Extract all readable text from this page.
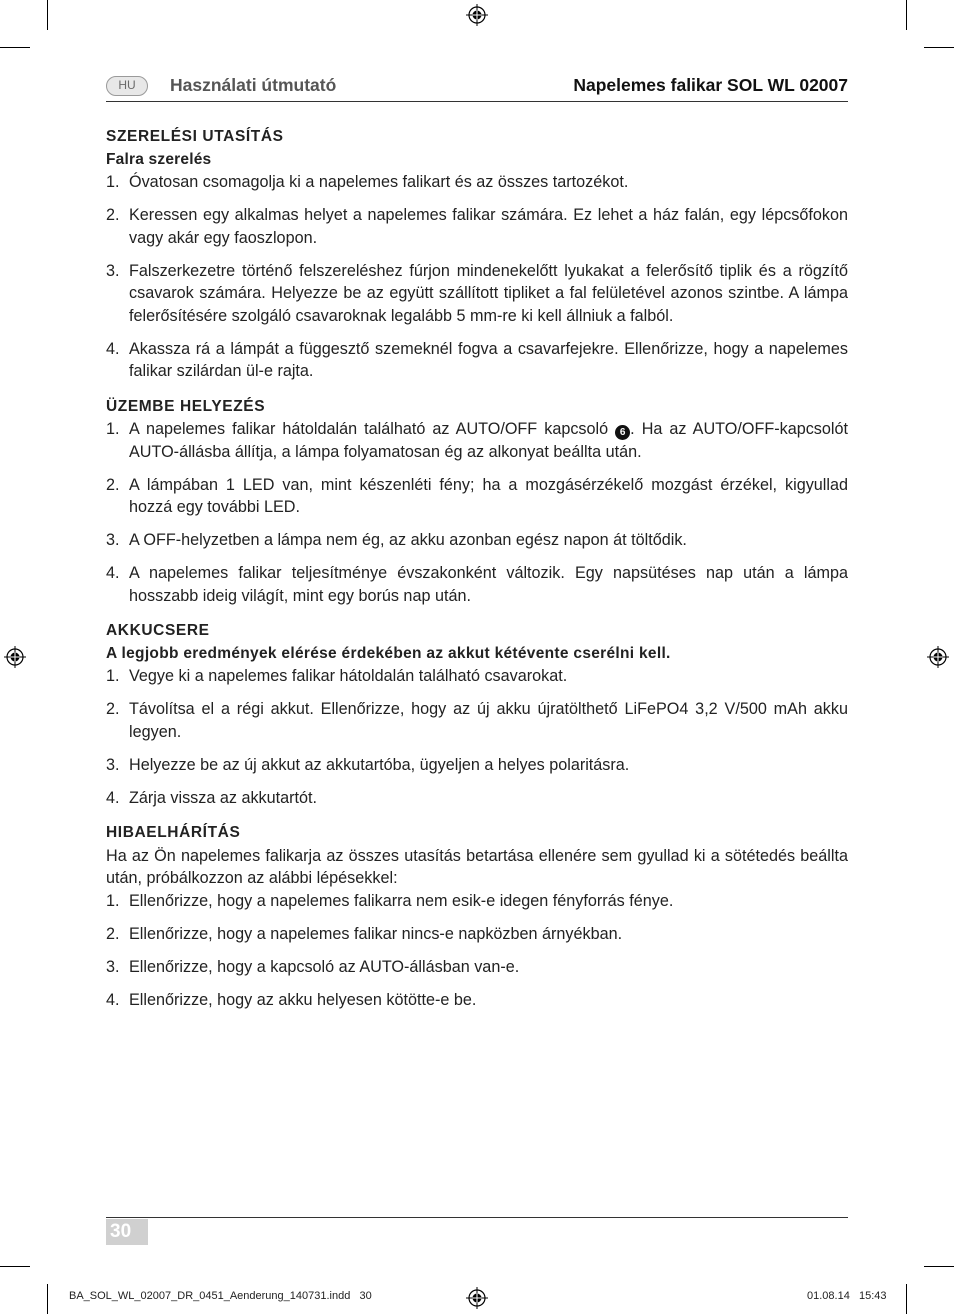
HU	Használati útmutató	Napelemes falikar SOL WL 02007
SZERELÉSI UTASÍTÁS
Falra szerelés
1. Óvatosan csomagolja ki a napelemes falikart és az összes tartozékot.
2. Keressen egy alkalmas helyet a napelemes falikar számára. Ez lehet a ház falán, egy lépcsőfokon vagy akár egy faoszlopon.
3. Falszerkezetre történő felszereléshez fúrjon mindenekelőtt lyukakat a felerősítő tiplik és a rögzítő csavarok számára. Helyezze be az együtt szállított tipliket a fal felületével azonos szintbe. A lámpa felerősítésére szolgáló csavaroknak legalább 5 mm-re ki kell állniuk a falból.
4. Akassza rá a lámpát a függesztő szemeknél fogva a csavarfejekre. Ellenőrizze, hogy a napelemes falikar szilárdan ül-e rajta.
ÜZEMBE HELYEZÉS
1. A napelemes falikar hátoldalán található az AUTO/OFF kapcsoló 6 . Ha az AUTO/OFF-kapcsolót AUTO-állásba állítja, a lámpa folyamatosan ég az alkonyat beállta után.
2. A lámpában 1 LED van, mint készenléti fény; ha a mozgásérzékelő mozgást érzékel, kigyullad hozzá egy további LED.
3. A OFF-helyzetben a lámpa nem ég, az akku azonban egész napon át töltődik.
4. A napelemes falikar teljesítménye évszakonként változik. Egy napsütéses nap után a lámpa hosszabb ideig világít, mint egy borús nap után.
AKKUCSERE
A legjobb eredmények elérése érdekében az akkut kétévente cserélni kell.
1. Vegye ki a napelemes falikar hátoldalán található csavarokat.
2. Távolítsa el a régi akkut. Ellenőrizze, hogy az új akku újratölthető LiFePO4 3,2 V/500 mAh akku legyen.
3. Helyezze be az új akkut az akkutartóba, ügyeljen a helyes polaritásra.
4. Zárja vissza az akkutartót.
HIBAELHÁRÍTÁS
Ha az Ön napelemes falikarja az összes utasítás betartása ellenére sem gyullad ki a sötétedés beállta után, próbálkozzon az alábbi lépésekkel:
1. Ellenőrizze, hogy a napelemes falikarra nem esik-e idegen fényforrás fénye.
2. Ellenőrizze, hogy a napelemes falikar nincs-e napközben árnyékban.
3. Ellenőrizze, hogy a kapcsoló az AUTO-állásban van-e.
4. Ellenőrizze, hogy az akku helyesen kötötte-e be.
30
BA_SOL_WL_02007_DR_0451_Aenderung_140731.indd   30	01.08.14   15:43
